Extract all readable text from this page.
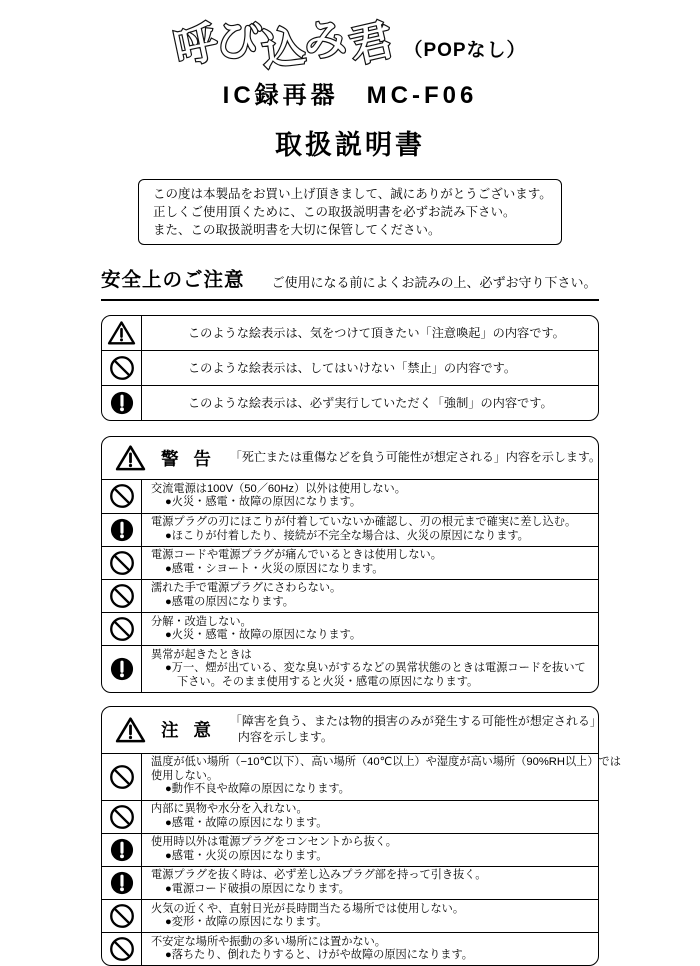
呼び込み君 （POPなし）
IC録再器　MC-F06
取扱説明書
この度は本製品をお買い上げ頂きまして、誠にありがとうございます。
正しくご使用頂くために、この取扱説明書を必ずお読み下さい。
また、この取扱説明書を大切に保管してください。
安全上のご注意 ご使用になる前によくお読みの上、必ずお守り下さい。
このような絵表示は、気をつけて頂きたい「注意喚起」の内容です。
このような絵表示は、してはいけない「禁止」の内容です。
このような絵表示は、必ず実行していただく「強制」の内容です。
警 告 「死亡または重傷などを負う可能性が想定される」内容を示します。
交流電源は100V（50／60Hz）以外は使用しない。
●火災・感電・故障の原因になります。
電源プラグの刃にほこりが付着していないか確認し、刃の根元まで確実に差し込む。
●ほこりが付着したり、接続が不完全な場合は、火災の原因になります。
電源コードや電源プラグが痛んでいるときは使用しない。
●感電・シヨート・火災の原因になります。
濡れた手で電源プラグにさわらない。
●感電の原因になります。
分解・改造しない。
●火災・感電・故障の原因になります。
異常が起きたときは
●万一、煙が出ている、変な臭いがするなどの異常状態のときは電源コードを抜いて
下さい。そのまま使用すると火災・感電の原因になります。
注 意 「障害を負う、または物的損害のみが発生する可能性が想定される」
内容を示します。
温度が低い場所（−10℃以下）、高い場所（40℃以上）や湿度が高い場所（90%RH以上）では
使用しない。
●動作不良や故障の原因になります。
内部に異物や水分を入れない。
●感電・故障の原因になります。
使用時以外は電源プラグをコンセントから抜く。
●感電・火災の原因になります。
電源プラグを抜く時は、必ず差し込みプラグ部を持って引き抜く。
●電源コード破損の原因になります。
火気の近くや、直射日光が長時間当たる場所では使用しない。
●変形・故障の原因になります。
不安定な場所や振動の多い場所には置かない。
●落ちたり、倒れたりすると、けがや故障の原因になります。
